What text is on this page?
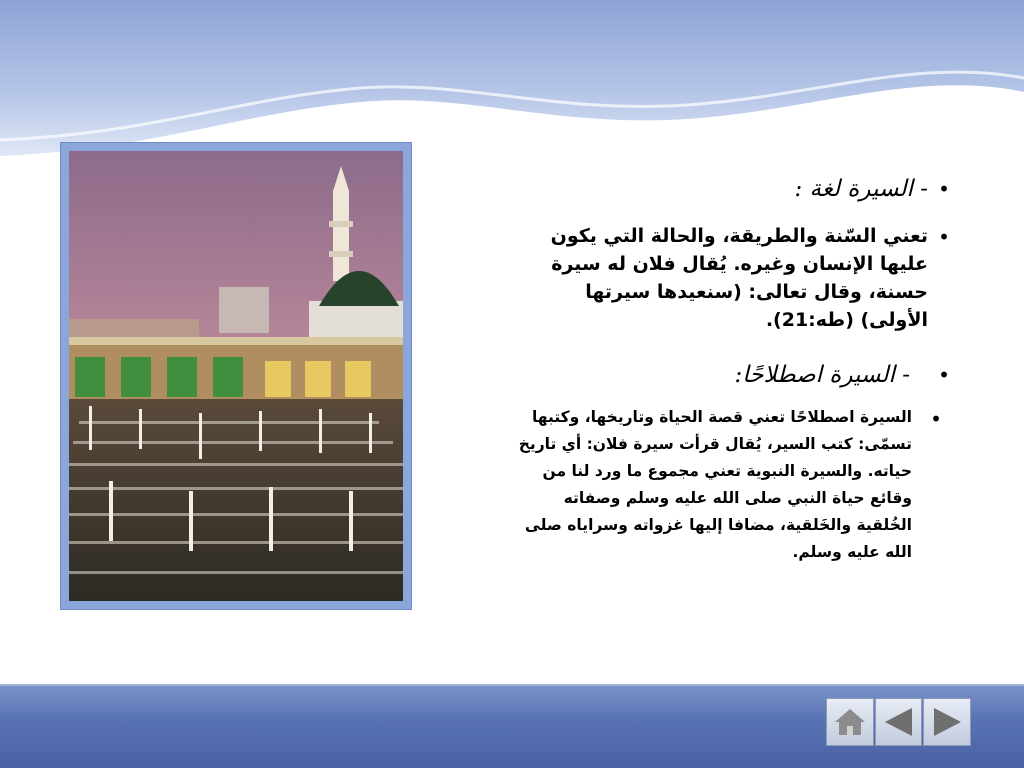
•
- السيرة لغة :
•

تعني السّنة والطريقة، والحالة التي يكون عليها الإنسان وغيره. يُقال فلان له سيرة حسنة، وقال تعالى: (سنعيدها سيرتها الأولى) (طه:21).

•
- السيرة اصطلاحًا:
•

السيرة اصطلاحًا تعني قصة الحياة وتاريخها، وكتبها تسمّى: كتب السير، يُقال قرأت سيرة فلان: أي تاريخ حياته. والسيرة النبوية تعني مجموع ما ورد لنا من وقائع حياة النبي صلى الله عليه وسلم وصفاته الخُلقية والخَلقية، مضافا إليها غزواته وسراياه صلى الله عليه وسلم.
